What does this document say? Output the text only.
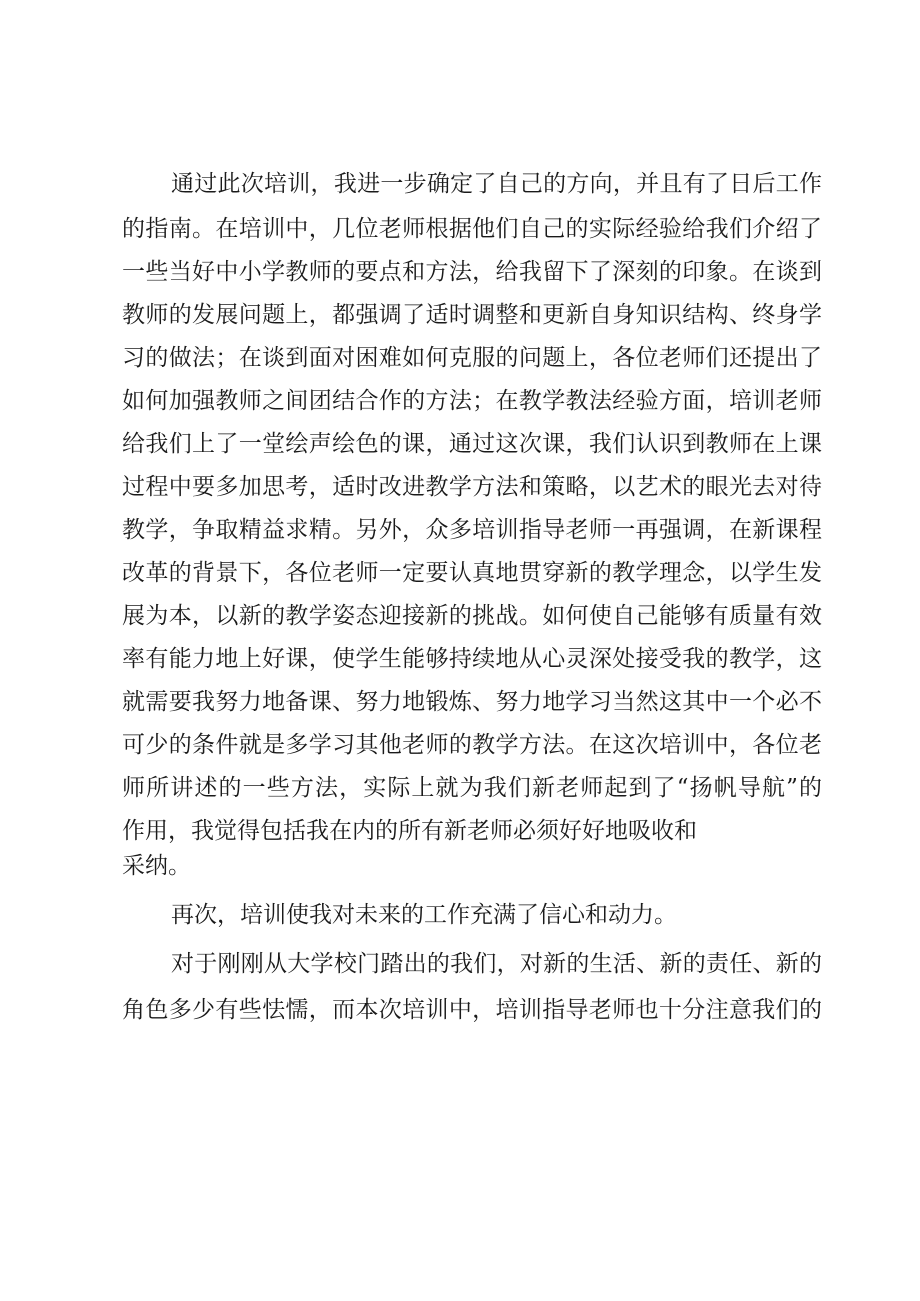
通过此次培训，我进一步确定了自己的方向，并且有了日后工作

的指南。在培训中，几位老师根据他们自己的实际经验给我们介绍了

一些当好中小学教师的要点和方法，给我留下了深刻的印象。在谈到

教师的发展问题上，都强调了适时调整和更新自身知识结构、终身学

习的做法；在谈到面对困难如何克服的问题上，各位老师们还提出了

如何加强教师之间团结合作的方法；在教学教法经验方面，培训老师

给我们上了一堂绘声绘色的课，通过这次课，我们认识到教师在上课

过程中要多加思考，适时改进教学方法和策略，以艺术的眼光去对待

教学，争取精益求精。另外，众多培训指导老师一再强调，在新课程

改革的背景下，各位老师一定要认真地贯穿新的教学理念，以学生发

展为本，以新的教学姿态迎接新的挑战。如何使自己能够有质量有效

率有能力地上好课，使学生能够持续地从心灵深处接受我的教学，这

就需要我努力地备课、努力地锻炼、努力地学习当然这其中一个必不

可少的条件就是多学习其他老师的教学方法。在这次培训中，各位老

师所讲述的一些方法，实际上就为我们新老师起到了“扬帆导航”的

作用，我觉得包括我在内的所有新老师必须好好地吸收和

采纳。

再次，培训使我对未来的工作充满了信心和动力。

对于刚刚从大学校门踏出的我们，对新的生活、新的责任、新的

角色多少有些怯懦，而本次培训中，培训指导老师也十分注意我们的
